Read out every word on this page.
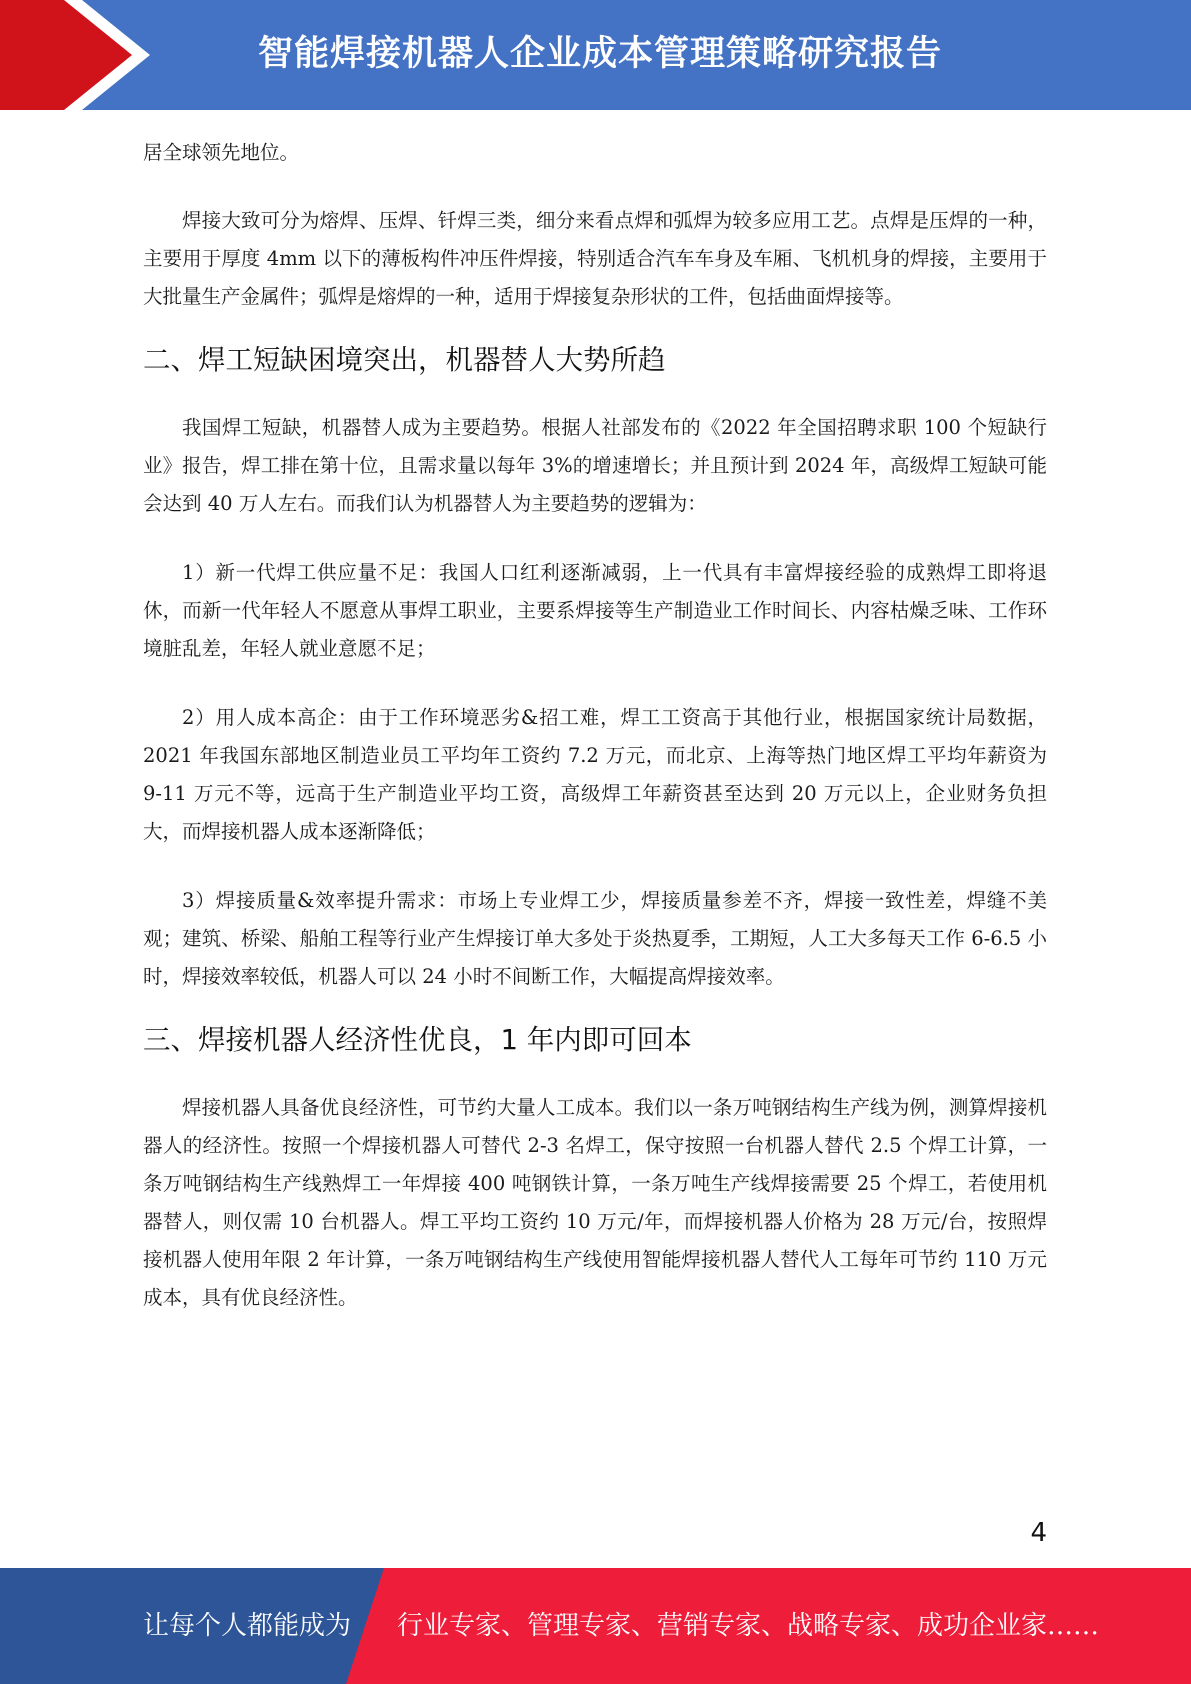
智能焊接机器人企业成本管理策略研究报告

居全球领先地位。

焊接大致可分为熔焊、压焊、钎焊三类，细分来看点焊和弧焊为较多应用工艺。点焊是压焊的一种，主要用于厚度 4mm 以下的薄板构件冲压件焊接，特别适合汽车车身及车厢、飞机机身的焊接，主要用于大批量生产金属件；弧焊是熔焊的一种，适用于焊接复杂形状的工件，包括曲面焊接等。

二、焊工短缺困境突出，机器替人大势所趋

我国焊工短缺，机器替人成为主要趋势。根据人社部发布的《2022 年全国招聘求职 100 个短缺行业》报告，焊工排在第十位，且需求量以每年 3%的增速增长；并且预计到 2024 年，高级焊工短缺可能会达到 40 万人左右。而我们认为机器替人为主要趋势的逻辑为：

1）新一代焊工供应量不足：我国人口红利逐渐减弱，上一代具有丰富焊接经验的成熟焊工即将退休，而新一代年轻人不愿意从事焊工职业，主要系焊接等生产制造业工作时间长、内容枯燥乏味、工作环境脏乱差，年轻人就业意愿不足；

2）用人成本高企：由于工作环境恶劣&招工难，焊工工资高于其他行业，根据国家统计局数据，2021 年我国东部地区制造业员工平均年工资约 7.2 万元，而北京、上海等热门地区焊工平均年薪资为 9-11 万元不等，远高于生产制造业平均工资，高级焊工年薪资甚至达到 20 万元以上，企业财务负担大，而焊接机器人成本逐渐降低；

3）焊接质量&效率提升需求：市场上专业焊工少，焊接质量参差不齐，焊接一致性差，焊缝不美观；建筑、桥梁、船舶工程等行业产生焊接订单大多处于炎热夏季，工期短，人工大多每天工作 6-6.5 小时，焊接效率较低，机器人可以 24 小时不间断工作，大幅提高焊接效率。

三、焊接机器人经济性优良，1 年内即可回本

焊接机器人具备优良经济性，可节约大量人工成本。我们以一条万吨钢结构生产线为例，测算焊接机器人的经济性。按照一个焊接机器人可替代 2-3 名焊工，保守按照一台机器人替代 2.5 个焊工计算，一条万吨钢结构生产线熟焊工一年焊接 400 吨钢铁计算，一条万吨生产线焊接需要 25 个焊工，若使用机器替人，则仅需 10 台机器人。焊工平均工资约 10 万元/年，而焊接机器人价格为 28 万元/台，按照焊接机器人使用年限 2 年计算，一条万吨钢结构生产线使用智能焊接机器人替代人工每年可节约 110 万元成本，具有优良经济性。

4
让每个人都能成为 行业专家、管理专家、营销专家、战略专家、成功企业家……
